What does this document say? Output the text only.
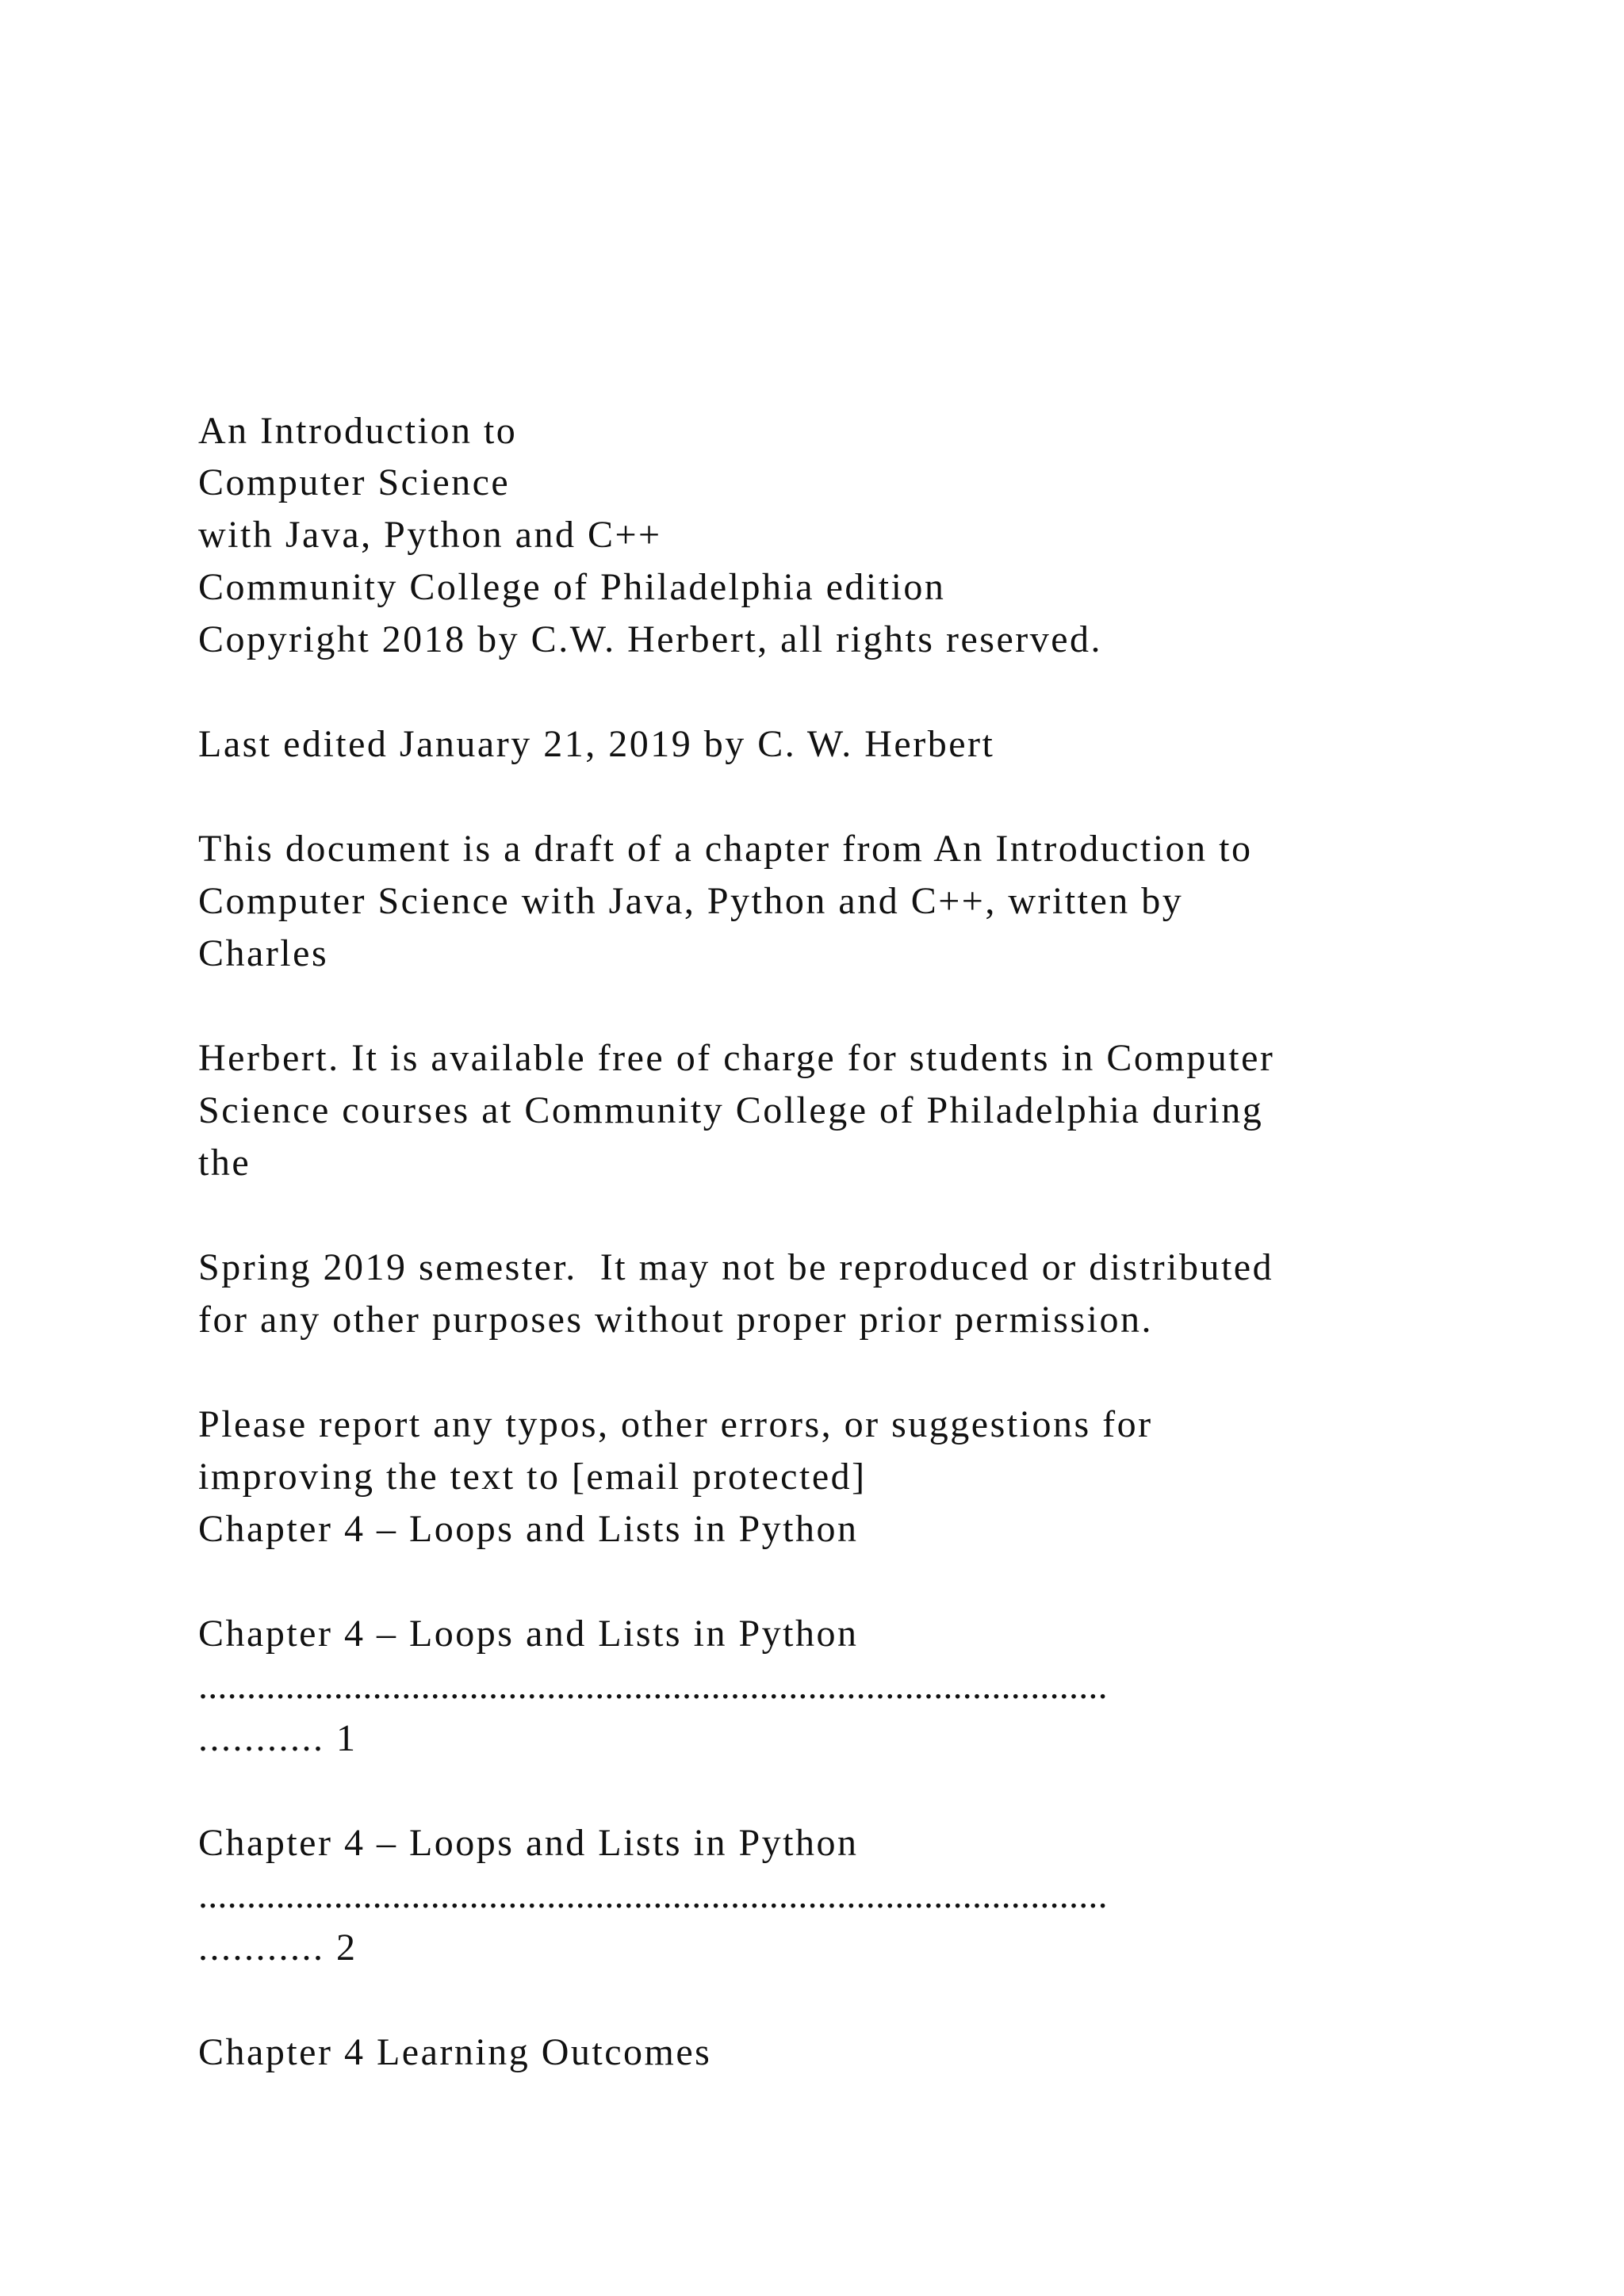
An Introduction to

Computer Science

with Java, Python and C++

Community College of Philadelphia edition

Copyright 2018 by C.W. Herbert, all rights reserved.

Last edited January 21, 2019 by C. W. Herbert

This document is a draft of a chapter from An Introduction to

Computer Science with Java, Python and C++, written by

Charles

Herbert. It is available free of charge for students in Computer

Science courses at Community College of Philadelphia during

the

Spring 2019 semester.  It may not be reproduced or distributed

for any other purposes without proper prior permission.

Please report any typos, other errors, or suggestions for

improving the text to [email protected]

Chapter 4 – Loops and Lists in Python

Chapter 4 – Loops and Lists in Python

..............................................................................................

........... 1

Chapter 4 – Loops and Lists in Python

..............................................................................................

........... 2

Chapter 4 Learning Outcomes
